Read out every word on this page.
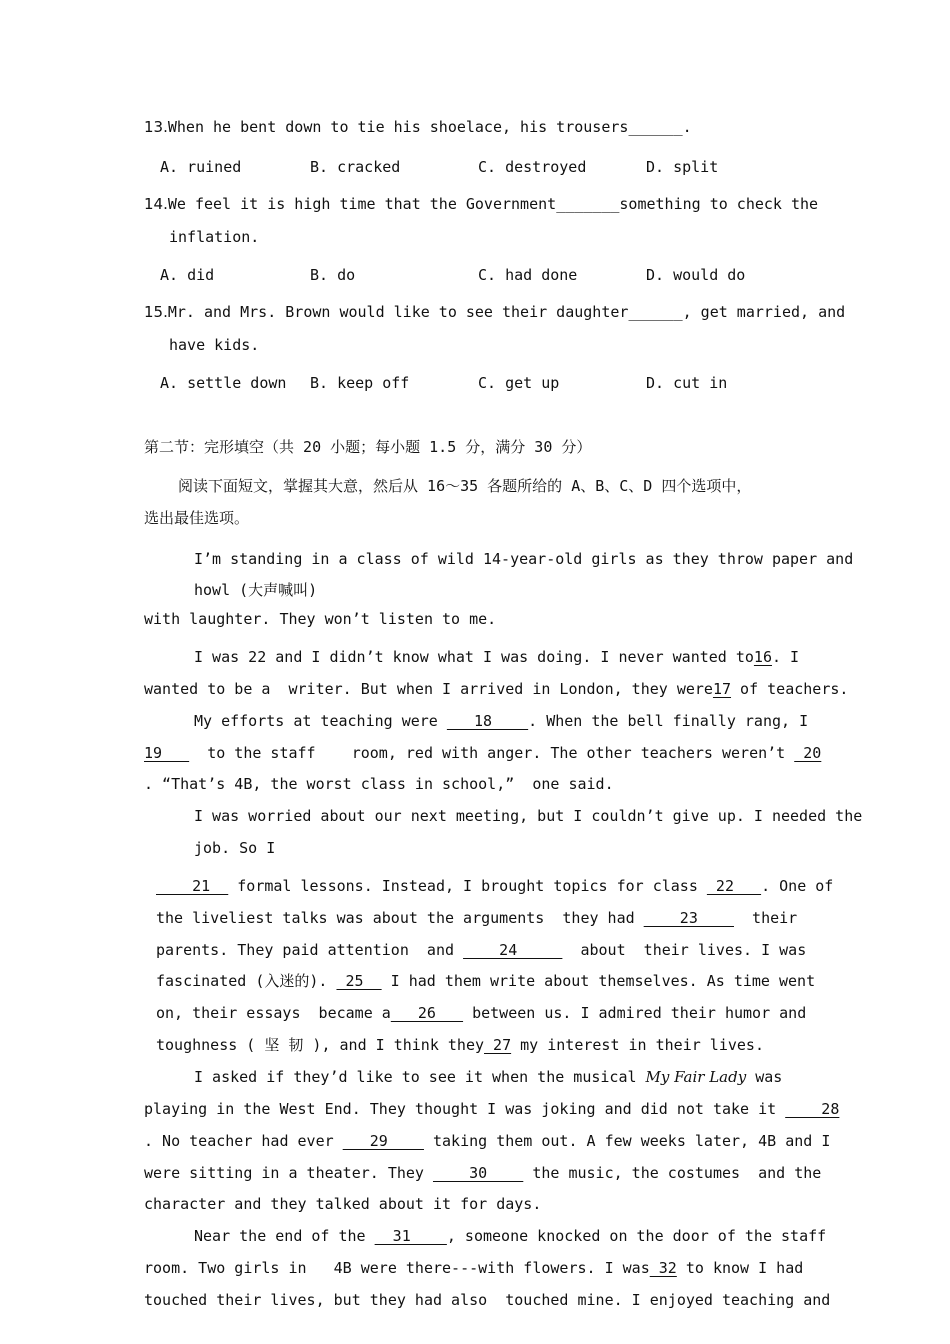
13.When he bent down to tie his shoelace, his trousers______.
A. ruined	B. cracked	C. destroyed	D. split
14.We feel it is high time that the Government_______something to check the
inflation.
A. did	B. do	C. had done	D. would do
15.Mr. and Mrs. Brown would like to see their daughter______, get married, and
have kids.
A. settle down B. keep off	C. get up	D. cut in
第二节：完形填空（共 20 小题；每小题 1.5 分，满分 30 分）
阅读下面短文，掌握其大意，然后从 16～35 各题所给的 A、B、C、D 四个选项中，
选出最佳选项。
I’m standing in a class of wild 14-year-old girls as they throw paper and
howl (大声喊叫)
with laughter. They won’t listen to me.
I was 22 and I didn’t know what I was doing. I never wanted to16. I
wanted to be a  writer. But when I arrived in London, they were17 of teachers.
My efforts at teaching were    18    . When the bell finally rang, I
19     to the staff    room, red with anger. The other teachers weren’t  20
. “That’s 4B, the worst class in school,”  one said.
I was worried about our next meeting, but I couldn’t give up. I needed the
job. So I
21   formal lessons. Instead, I brought topics for class  22   . One of
the liveliest talks was about the arguments  they had     23      their
parents. They paid attention  and     24       about  their lives. I was
fascinated (入迷的).  25   I had them write about themselves. As time went
on, their essays  became a   26    between us. I admired their humor and
toughness ( 坚 韧 ), and I think they 27 my interest in their lives.
I asked if they’d like to see it when the musical My Fair Lady was
playing in the West End. They thought I was joking and did not take it     28
. No teacher had ever    29     taking them out. A few weeks later, 4B and I
were sitting in a theater. They     30     the music, the costumes  and the
character and they talked about it for days.
Near the end of the   31    , someone knocked on the door of the staff
room. Two girls in   4B were there---with flowers. I was 32 to know I had
touched their lives, but they had also  touched mine. I enjoyed teaching and
